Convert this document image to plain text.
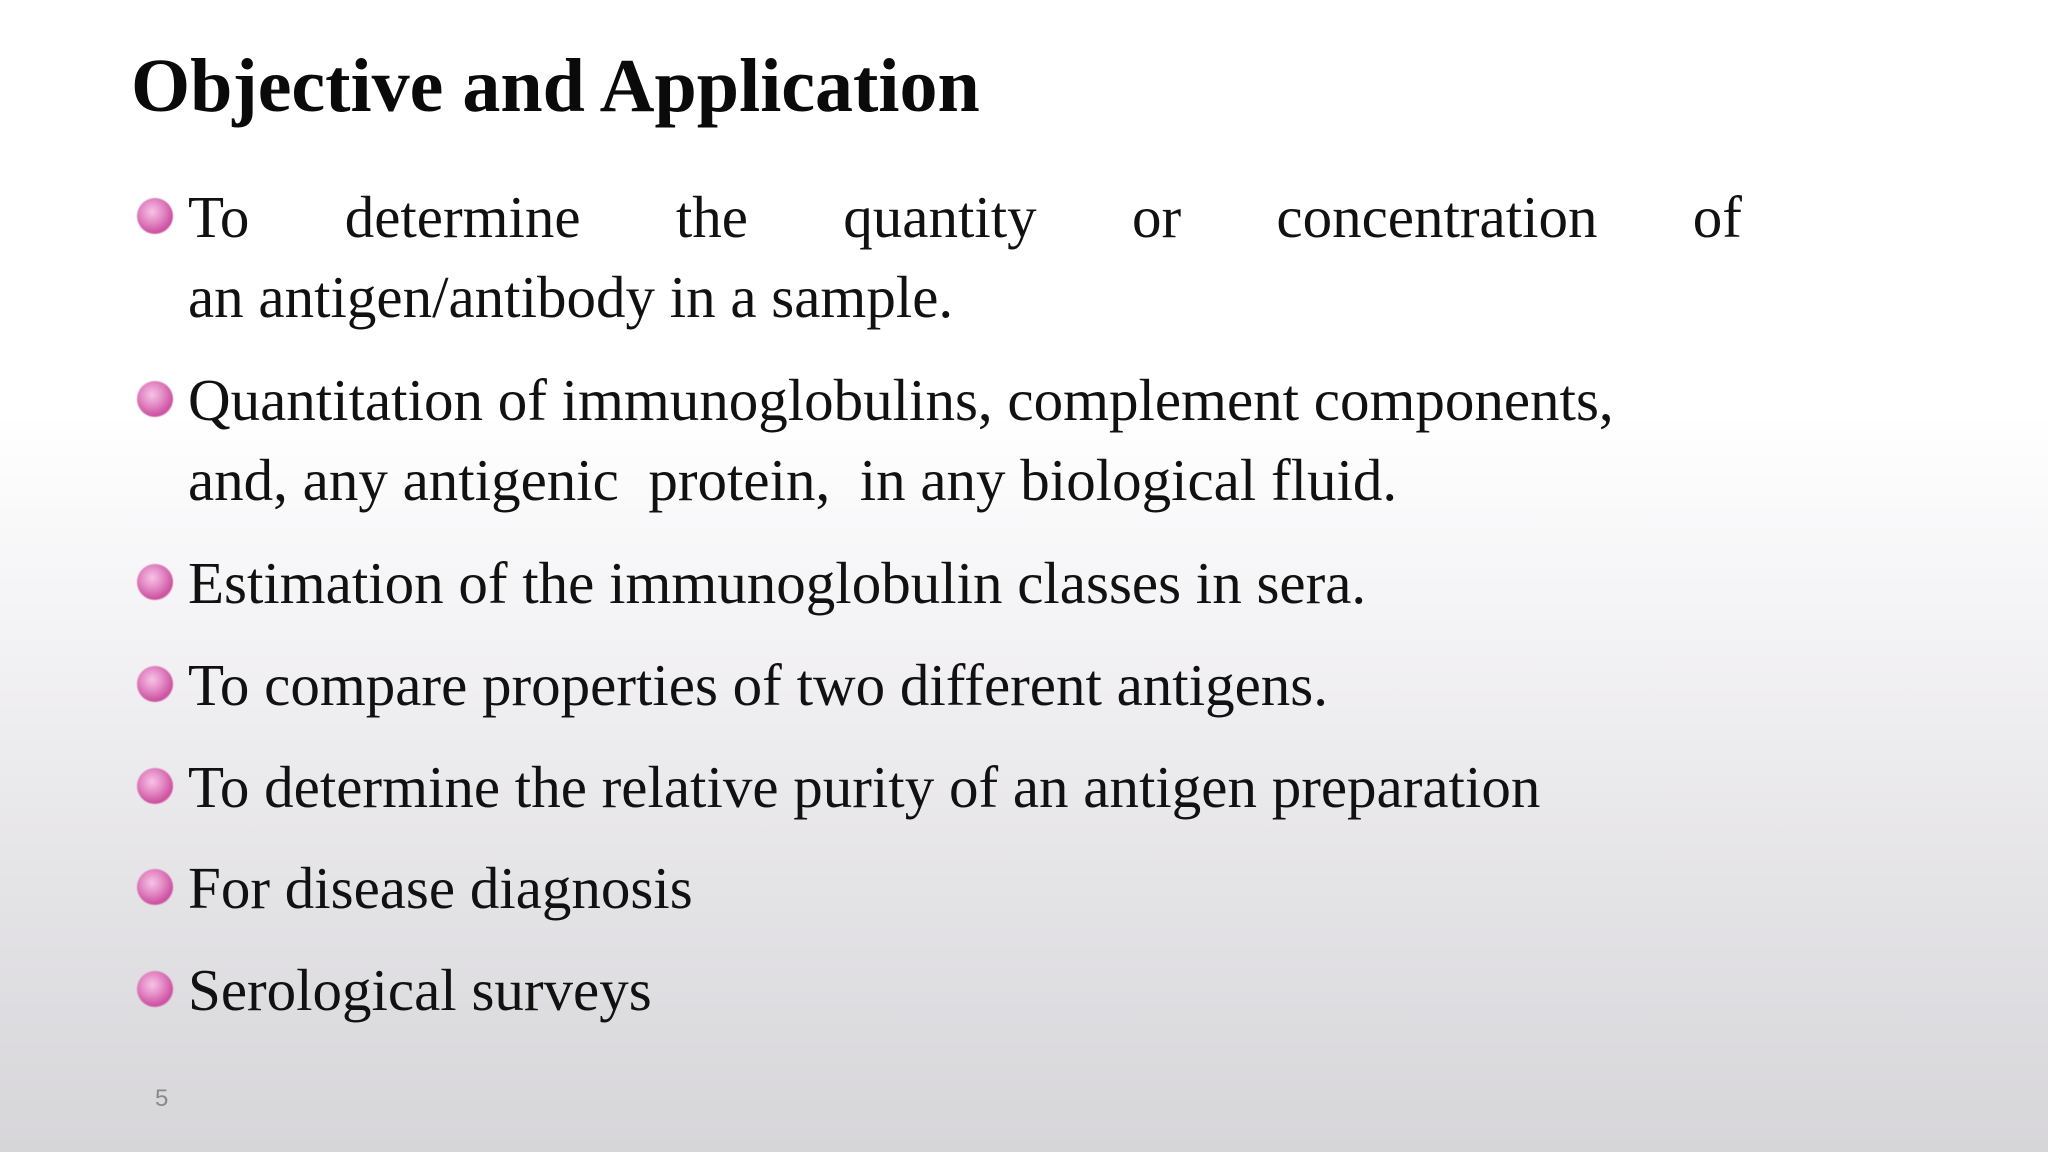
Objective and Application
To determine the quantity or concentration of
an antigen/antibody in a sample.
Quantitation of immunoglobulins, complement components,
and, any antigenic  protein,  in any biological fluid.
Estimation of the immunoglobulin classes in sera.
To compare properties of two different antigens.
To determine the relative purity of an antigen preparation
For disease diagnosis
Serological surveys
5
